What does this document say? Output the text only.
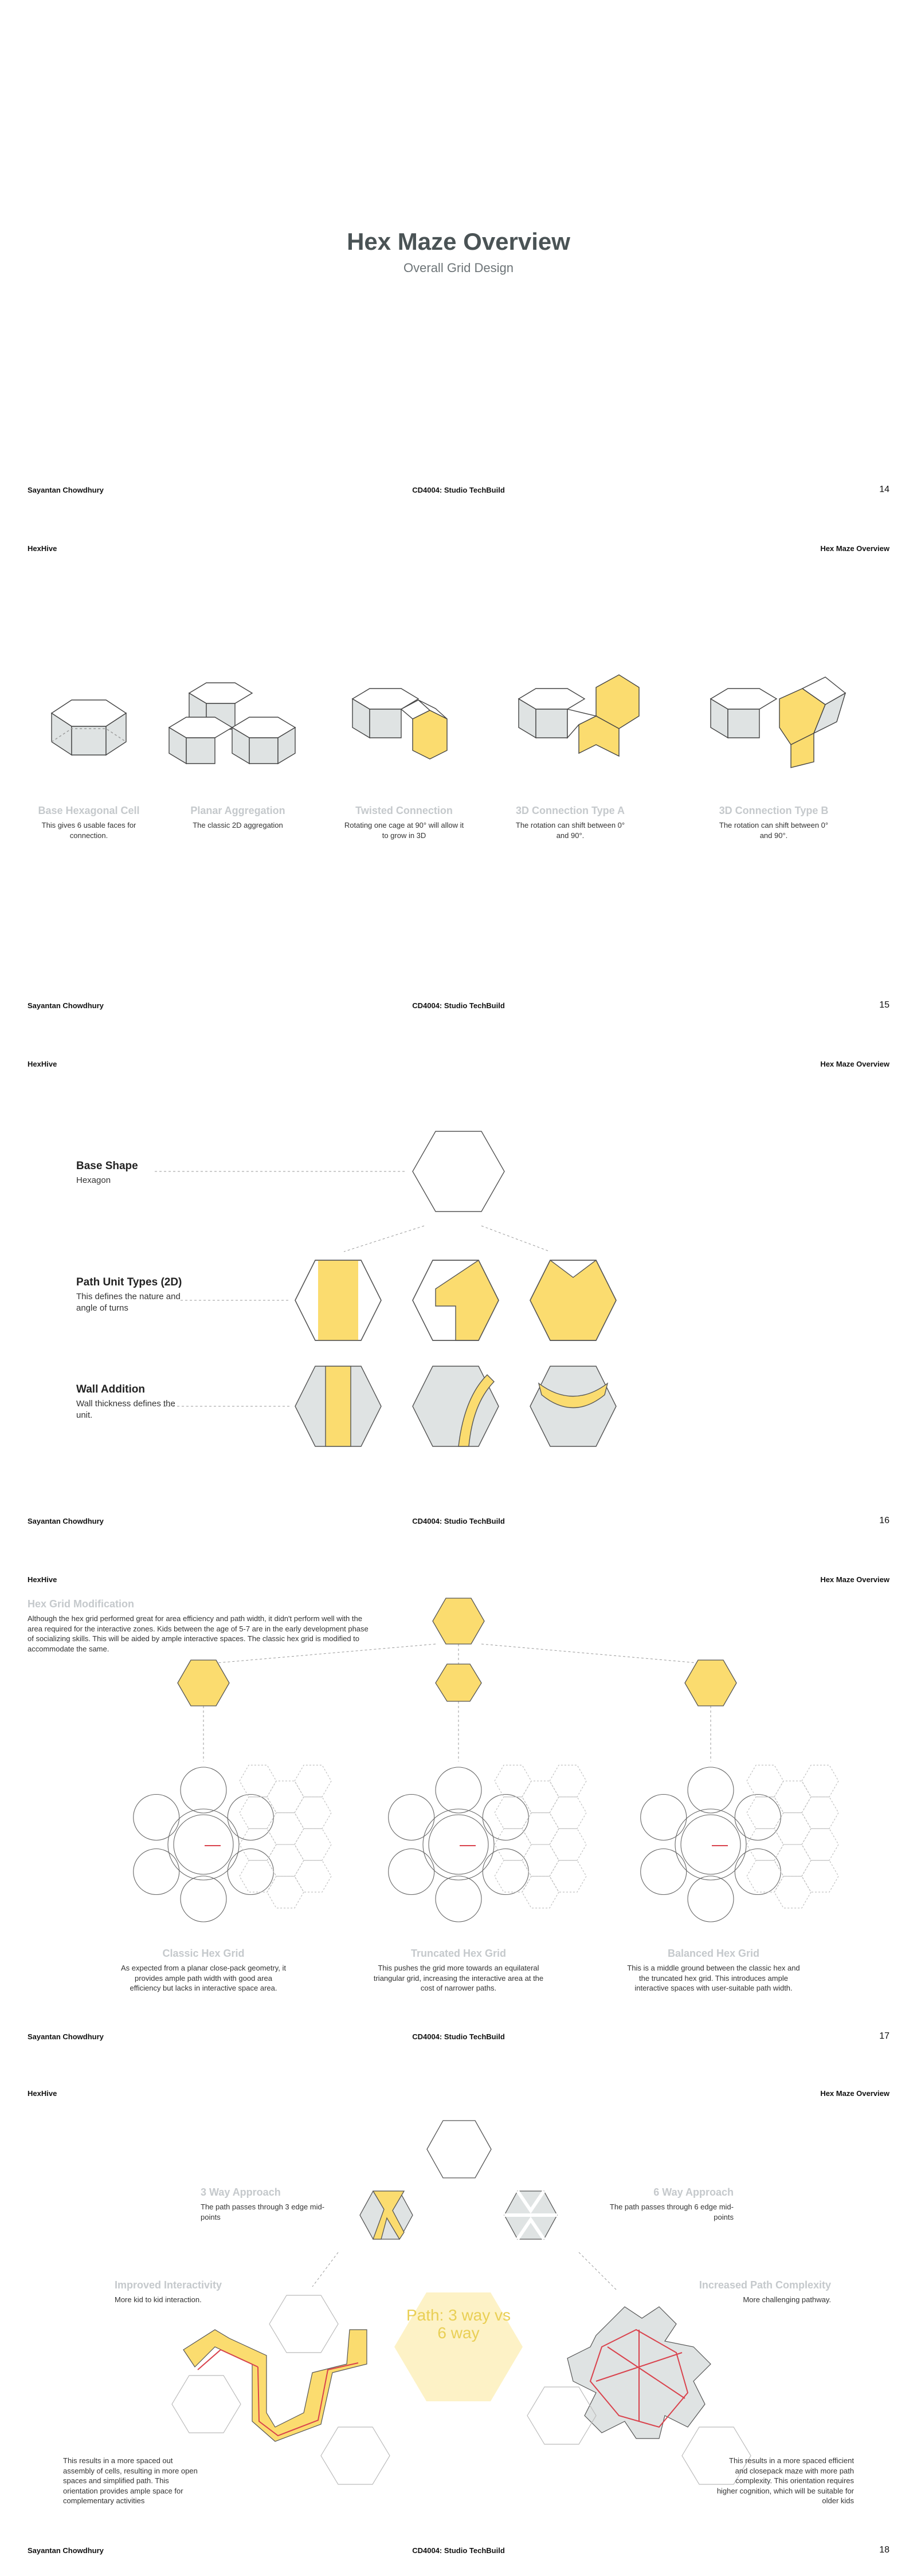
Hex Maze Overview
Overall Grid Design
Sayantan Chowdhury	CD4004: Studio TechBuild	14
HexHive	Hex Maze Overview
Base Hexagonal Cell
This gives 6 usable faces for connection.
Planar Aggregation
The classic 2D aggregation
Twisted Connection
Rotating one cage at 90° will allow it to grow in 3D
3D Connection Type A
The rotation can shift between 0° and 90°.
3D Connection Type B
The rotation can shift between 0° and 90°.
Sayantan Chowdhury	CD4004: Studio TechBuild	15
HexHive	Hex Maze Overview
Base Shape
Hexagon
Path Unit Types (2D)
This defines the nature and angle of turns
Wall Addition
Wall thickness defines the unit.
Sayantan Chowdhury	CD4004: Studio TechBuild	16
HexHive	Hex Maze Overview
Hex Grid Modification
Although the hex grid performed great for area efficiency and path width, it didn't perform well with the area required for the interactive zones. Kids between the age of 5-7 are in the early development phase of socializing skills. This will be aided by ample interactive spaces. The classic hex grid is modified to accommodate the same.
Classic Hex Grid
As expected from a planar close-pack geometry, it provides ample path width with good area efficiency but lacks in interactive space area.
Truncated Hex Grid
This pushes the grid more towards an equilateral triangular grid, increasing the interactive area at the cost of narrower paths.
Balanced Hex Grid
This is a middle ground between the classic hex and the truncated hex grid. This introduces ample interactive spaces with user-suitable path width.
Sayantan Chowdhury	CD4004: Studio TechBuild	17
HexHive	Hex Maze Overview
3 Way Approach
The path passes through 3 edge mid-points
6 Way Approach
The path passes through 6 edge mid-points
Improved Interactivity
More kid to kid interaction.
Increased Path Complexity
More challenging pathway.
Path: 3 way vs 6 way
This results in a more spaced out assembly of cells, resulting in more open spaces and simplified path. This orientation provides ample space for complementary activities
This results in a more spaced efficient and closepack maze with more path complexity. This orientation requires higher cognition, which will be suitable for older kids
Sayantan Chowdhury	CD4004: Studio TechBuild	18
